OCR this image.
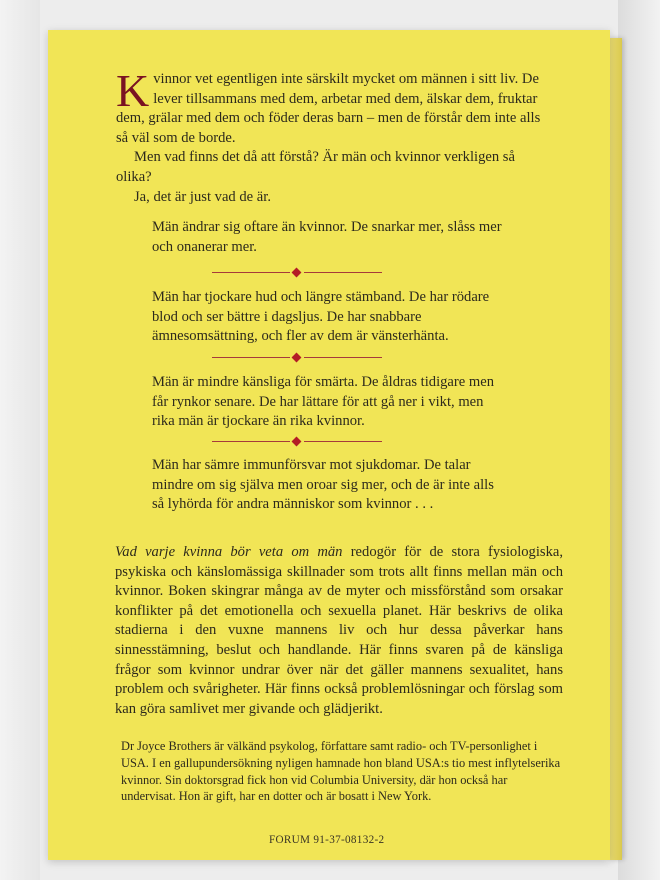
Kvinnor vet egentligen inte särskilt mycket om männen i sitt liv. De lever tillsammans med dem, arbetar med dem, älskar dem, fruktar dem, grälar med dem och föder deras barn – men de förstår dem inte alls så väl som de borde.

Men vad finns det då att förstå? Är män och kvinnor verkligen så olika?

Ja, det är just vad de är.

Män ändrar sig oftare än kvinnor. De snarkar mer, slåss mer och onanerar mer.

Män har tjockare hud och längre stämband. De har rödare blod och ser bättre i dagsljus. De har snabbare ämnesomsättning, och fler av dem är vänsterhänta.

Män är mindre känsliga för smärta. De åldras tidigare men får rynkor senare. De har lättare för att gå ner i vikt, men rika män är tjockare än rika kvinnor.

Män har sämre immunförsvar mot sjukdomar. De talar mindre om sig själva men oroar sig mer, och de är inte alls så lyhörda för andra människor som kvinnor . . .

Vad varje kvinna bör veta om män redogör för de stora fysiologiska, psykiska och känslomässiga skillnader som trots allt finns mellan män och kvinnor. Boken skingrar många av de myter och missförstånd som orsakar konflikter på det emotionella och sexuella planet. Här beskrivs de olika stadierna i den vuxne mannens liv och hur dessa påverkar hans sinnesstämning, beslut och handlande. Här finns svaren på de känsliga frågor som kvinnor undrar över när det gäller mannens sexualitet, hans problem och svårigheter. Här finns också problemlösningar och förslag som kan göra samlivet mer givande och glädjerikt.

Dr Joyce Brothers är välkänd psykolog, författare samt radio- och TV-personlighet i USA. I en gallupundersökning nyligen hamnade hon bland USA:s tio mest inflytelserika kvinnor. Sin doktorsgrad fick hon vid Columbia University, där hon också har undervisat. Hon är gift, har en dotter och är bosatt i New York.

FORUM 91-37-08132-2
